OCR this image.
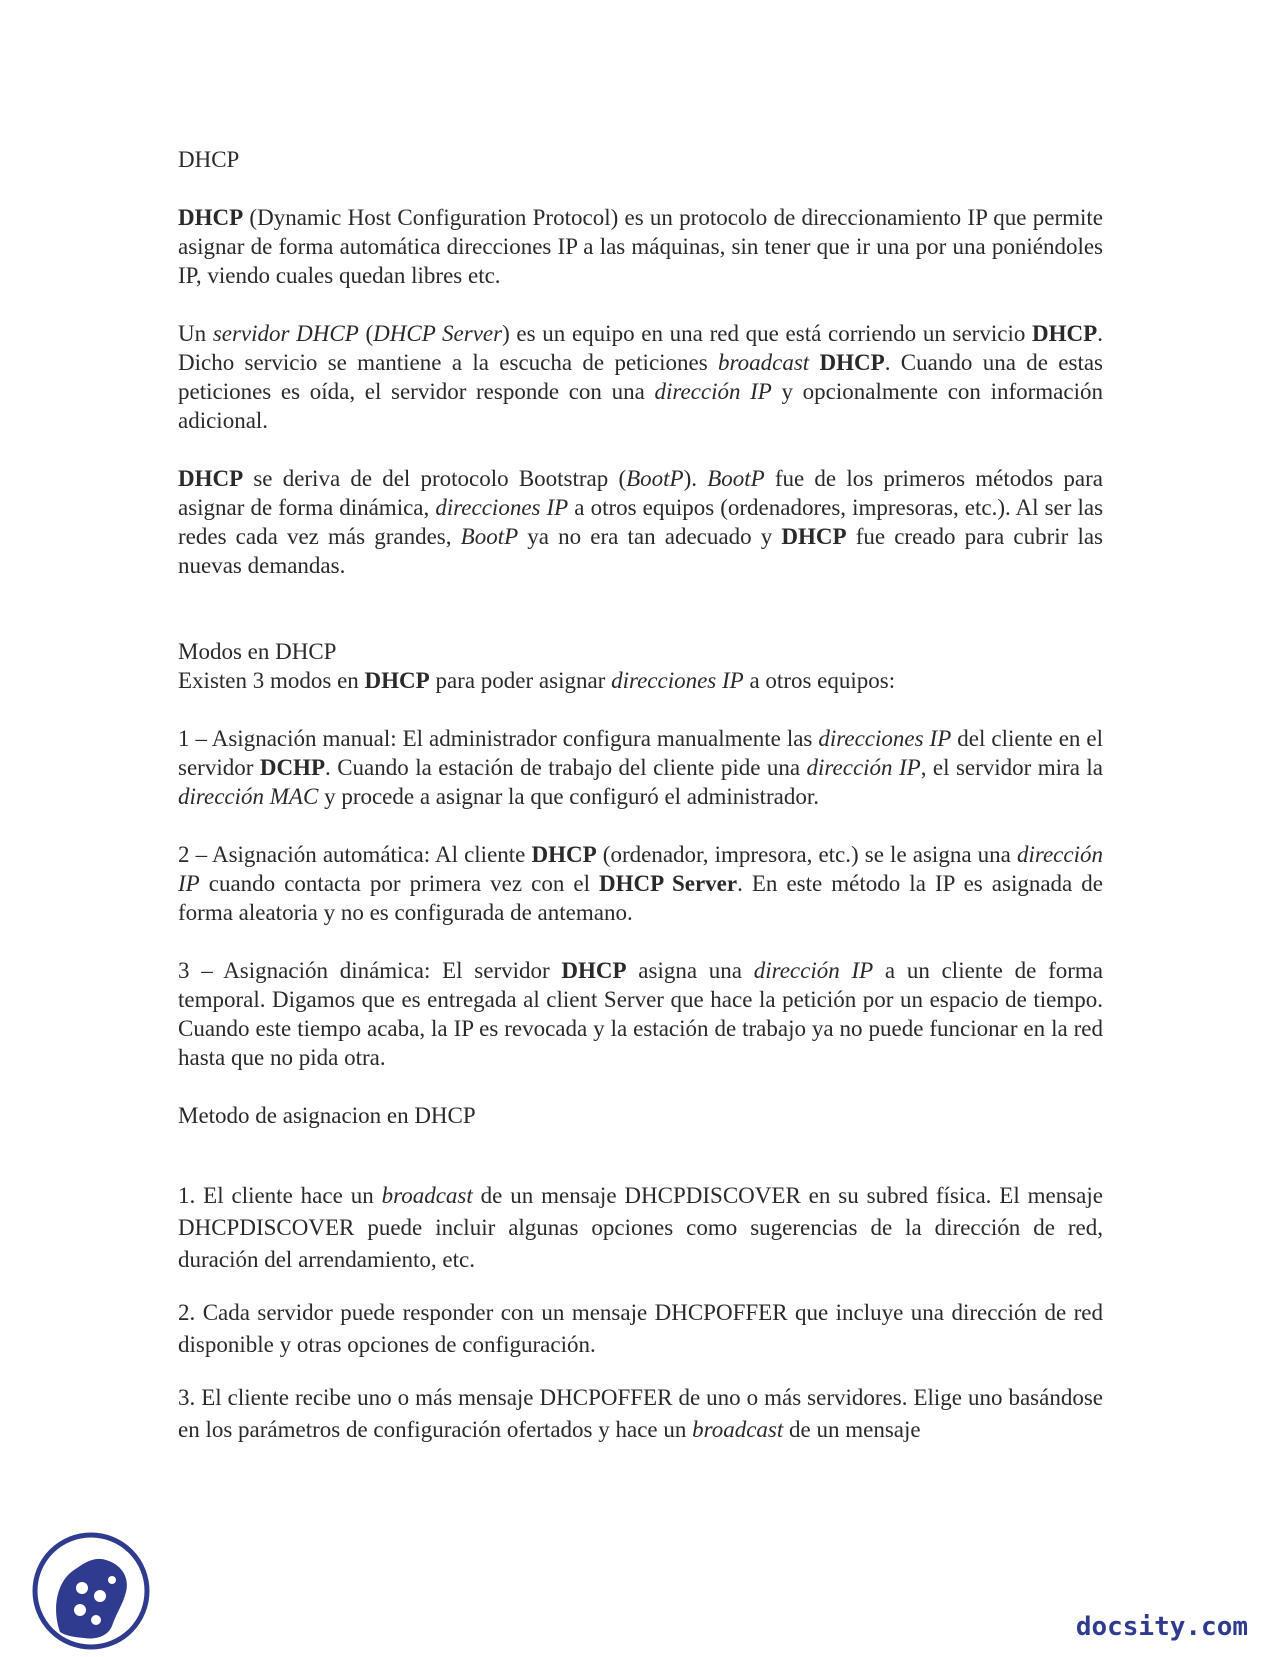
DHCP

DHCP (Dynamic Host Configuration Protocol) es un protocolo de direccionamiento IP que permite asignar de forma automática direcciones IP a las máquinas, sin tener que ir una por una poniéndoles IP, viendo cuales quedan libres etc.

Un servidor DHCP (DHCP Server) es un equipo en una red que está corriendo un servicio DHCP. Dicho servicio se mantiene a la escucha de peticiones broadcast DHCP. Cuando una de estas peticiones es oída, el servidor responde con una dirección IP y opcionalmente con información adicional.

DHCP se deriva de del protocolo Bootstrap (BootP). BootP fue de los primeros métodos para asignar de forma dinámica, direcciones IP a otros equipos (ordenadores, impresoras, etc.). Al ser las redes cada vez más grandes, BootP ya no era tan adecuado y DHCP fue creado para cubrir las nuevas demandas.

Modos en DHCP

Existen 3 modos en DHCP para poder asignar direcciones IP a otros equipos:

1 – Asignación manual: El administrador configura manualmente las direcciones IP del cliente en el servidor DCHP. Cuando la estación de trabajo del cliente pide una dirección IP, el servidor mira la dirección MAC y procede a asignar la que configuró el administrador.

2 – Asignación automática: Al cliente DHCP (ordenador, impresora, etc.) se le asigna una dirección IP cuando contacta por primera vez con el DHCP Server. En este método la IP es asignada de forma aleatoria y no es configurada de antemano.

3 – Asignación dinámica: El servidor DHCP asigna una dirección IP a un cliente de forma temporal. Digamos que es entregada al client Server que hace la petición por un espacio de tiempo. Cuando este tiempo acaba, la IP es revocada y la estación de trabajo ya no puede funcionar en la red hasta que no pida otra.

Metodo de asignacion en DHCP

1. El cliente hace un broadcast de un mensaje DHCPDISCOVER en su subred física. El mensaje DHCPDISCOVER puede incluir algunas opciones como sugerencias de la dirección de red, duración del arrendamiento, etc.

2. Cada servidor puede responder con un mensaje DHCPOFFER que incluye una dirección de red disponible y otras opciones de configuración.

3. El cliente recibe uno o más mensaje DHCPOFFER de uno o más servidores. Elige uno basándose en los parámetros de configuración ofertados y hace un broadcast de un mensaje

docsity.com
